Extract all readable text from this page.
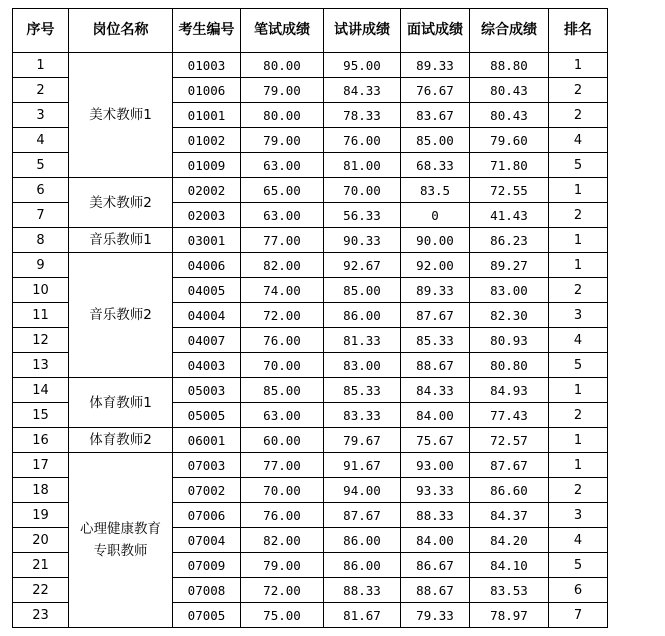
序号	岗位名称	考生编号	笔试成绩	试讲成绩	面试成绩	综合成绩	排名
1	美术教师1	01003	80.00	95.00	89.33	88.80	1
2		01006	79.00	84.33	76.67	80.43	2
3		01001	80.00	78.33	83.67	80.43	2
4		01002	79.00	76.00	85.00	79.60	4
5		01009	63.00	81.00	68.33	71.80	5
6	美术教师2	02002	65.00	70.00	83.5	72.55	1
7		02003	63.00	56.33	0	41.43	2
8	音乐教师1	03001	77.00	90.33	90.00	86.23	1
9	音乐教师2	04006	82.00	92.67	92.00	89.27	1
10		04005	74.00	85.00	89.33	83.00	2
11		04004	72.00	86.00	87.67	82.30	3
12		04007	76.00	81.33	85.33	80.93	4
13		04003	70.00	83.00	88.67	80.80	5
14	体育教师1	05003	85.00	85.33	84.33	84.93	1
15		05005	63.00	83.33	84.00	77.43	2
16	体育教师2	06001	60.00	79.67	75.67	72.57	1
17	心理健康教育专职教师	07003	77.00	91.67	93.00	87.67	1
18		07002	70.00	94.00	93.33	86.60	2
19		07006	76.00	87.67	88.33	84.37	3
20		07004	82.00	86.00	84.00	84.20	4
21		07009	79.00	86.00	86.67	84.10	5
22		07008	72.00	88.33	88.67	83.53	6
23		07005	75.00	81.67	79.33	78.97	7
